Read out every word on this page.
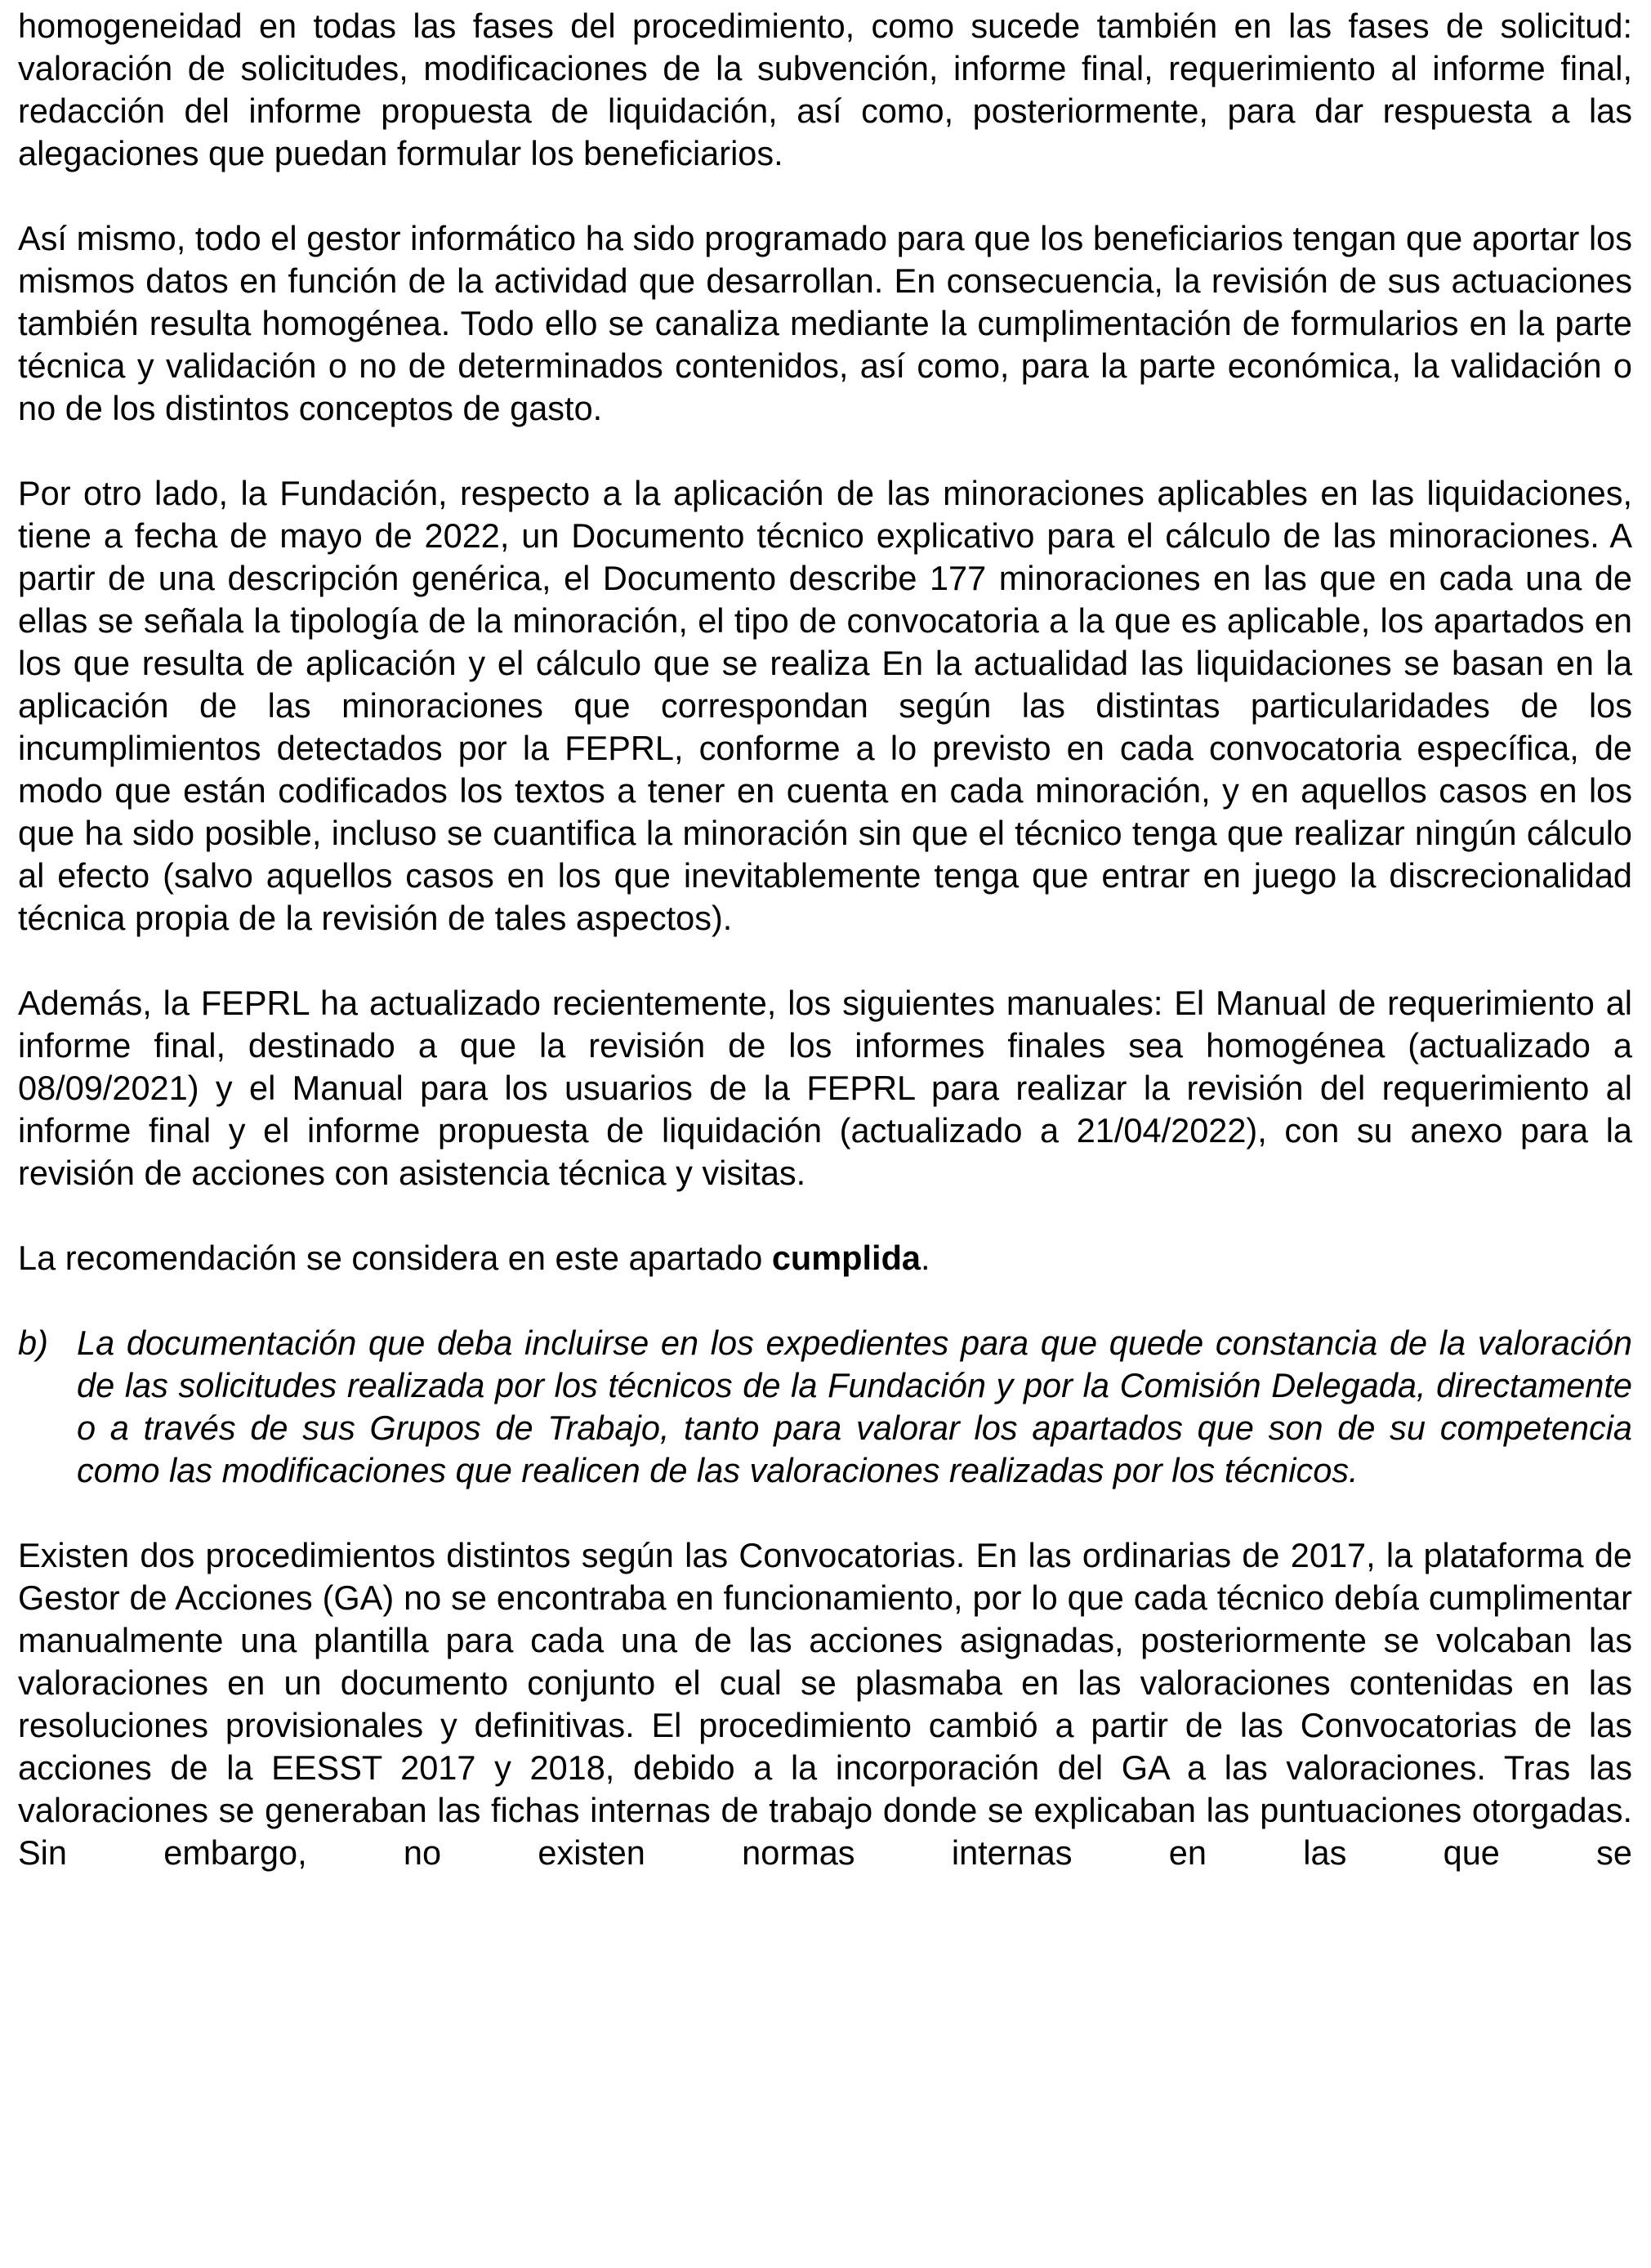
homogeneidad en todas las fases del procedimiento, como sucede también en las fases de solicitud: valoración de solicitudes, modificaciones de la subvención, informe final, requerimiento al informe final, redacción del informe propuesta de liquidación, así como, posteriormente, para dar respuesta a las alegaciones que puedan formular los beneficiarios.

Así mismo, todo el gestor informático ha sido programado para que los beneficiarios tengan que aportar los mismos datos en función de la actividad que desarrollan. En consecuencia, la revisión de sus actuaciones también resulta homogénea. Todo ello se canaliza mediante la cumplimentación de formularios en la parte técnica y validación o no de determinados contenidos, así como, para la parte económica, la validación o no de los distintos conceptos de gasto.

Por otro lado, la Fundación, respecto a la aplicación de las minoraciones aplicables en las liquidaciones, tiene a fecha de mayo de 2022, un Documento técnico explicativo para el cálculo de las minoraciones. A partir de una descripción genérica, el Documento describe 177 minoraciones en las que en cada una de ellas se señala la tipología de la minoración, el tipo de convocatoria a la que es aplicable, los apartados en los que resulta de aplicación y el cálculo que se realiza En la actualidad las liquidaciones se basan en la aplicación de las minoraciones que correspondan según las distintas particularidades de los incumplimientos detectados por la FEPRL, conforme a lo previsto en cada convocatoria específica, de modo que están codificados los textos a tener en cuenta en cada minoración, y en aquellos casos en los que ha sido posible, incluso se cuantifica la minoración sin que el técnico tenga que realizar ningún cálculo al efecto (salvo aquellos casos en los que inevitablemente tenga que entrar en juego la discrecionalidad técnica propia de la revisión de tales aspectos).

Además, la FEPRL ha actualizado recientemente, los siguientes manuales: El Manual de requerimiento al informe final, destinado a que la revisión de los informes finales sea homogénea (actualizado a 08/09/2021) y el Manual para los usuarios de la FEPRL para realizar la revisión del requerimiento al informe final y el informe propuesta de liquidación (actualizado a 21/04/2022), con su anexo para la revisión de acciones con asistencia técnica y visitas.

La recomendación se considera en este apartado cumplida.

b) La documentación que deba incluirse en los expedientes para que quede constancia de la valoración de las solicitudes realizada por los técnicos de la Fundación y por la Comisión Delegada, directamente o a través de sus Grupos de Trabajo, tanto para valorar los apartados que son de su competencia como las modificaciones que realicen de las valoraciones realizadas por los técnicos.

Existen dos procedimientos distintos según las Convocatorias. En las ordinarias de 2017, la plataforma de Gestor de Acciones (GA) no se encontraba en funcionamiento, por lo que cada técnico debía cumplimentar manualmente una plantilla para cada una de las acciones asignadas, posteriormente se volcaban las valoraciones en un documento conjunto el cual se plasmaba en las valoraciones contenidas en las resoluciones provisionales y definitivas. El procedimiento cambió a partir de las Convocatorias de las acciones de la EESST 2017 y 2018, debido a la incorporación del GA a las valoraciones. Tras las valoraciones se generaban las fichas internas de trabajo donde se explicaban las puntuaciones otorgadas. Sin embargo, no existen normas internas en las que se
